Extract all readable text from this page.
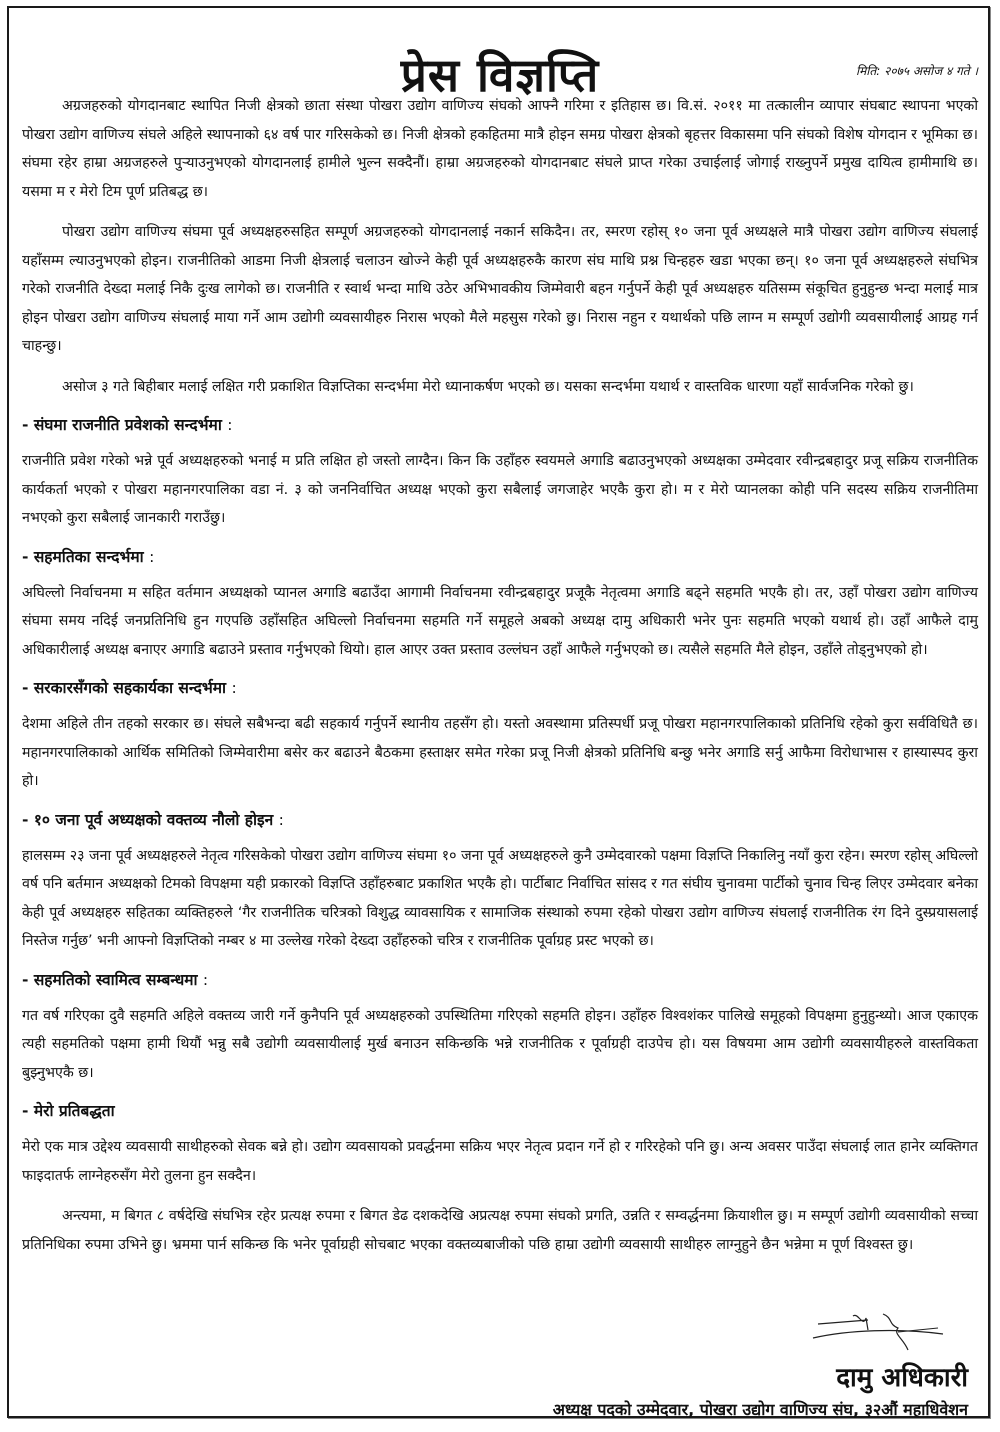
प्रेस विज्ञप्ति	मिति: २०७५ असोज ४ गते ।

अग्रजहरुको योगदानबाट स्थापित निजी क्षेत्रको छाता संस्था पोखरा उद्योग वाणिज्य संघको आफ्नै गरिमा र इतिहास छ। वि.सं. २०११ मा तत्कालीन व्यापार संघबाट स्थापना भएको पोखरा उद्योग वाणिज्य संघले अहिले स्थापनाको ६४ वर्ष पार गरिसकेको छ। निजी क्षेत्रको हकहितमा मात्रै होइन समग्र पोखरा क्षेत्रको बृहत्तर विकासमा पनि संघको विशेष योगदान र भूमिका छ। संघमा रहेर हाम्रा अग्रजहरुले पुर्‍याउनुभएको योगदानलाई हामीले भुल्न सक्दैनौं। हाम्रा अग्रजहरुको योगदानबाट संघले प्राप्त गरेका उचाईलाई जोगाई राख्नुपर्ने प्रमुख दायित्व हामीमाथि छ। यसमा म र मेरो टिम पूर्ण प्रतिबद्ध छ।

पोखरा उद्योग वाणिज्य संघमा पूर्व अध्यक्षहरुसहित सम्पूर्ण अग्रजहरुको योगदानलाई नकार्न सकिदैन। तर, स्मरण रहोस् १० जना पूर्व अध्यक्षले मात्रै पोखरा उद्योग वाणिज्य संघलाई यहाँसम्म ल्याउनुभएको होइन। राजनीतिको आडमा निजी क्षेत्रलाई चलाउन खोज्ने केही पूर्व अध्यक्षहरुकै कारण संघ माथि प्रश्न चिन्हहरु खडा भएका छन्। १० जना पूर्व अध्यक्षहरुले संघभित्र गरेको राजनीति देख्दा मलाई निकै दुःख लागेको छ। राजनीति र स्वार्थ भन्दा माथि उठेर अभिभावकीय जिम्मेवारी बहन गर्नुपर्ने केही पूर्व अध्यक्षहरु यतिसम्म संकूचित हुनुहुन्छ भन्दा मलाई मात्र होइन पोखरा उद्योग वाणिज्य संघलाई माया गर्ने आम उद्योगी व्यवसायीहरु निरास भएको मैले महसुस गरेको छु। निरास नहुन र यथार्थको पछि लाग्न म सम्पूर्ण उद्योगी व्यवसायीलाई आग्रह गर्न चाहन्छु।

असोज ३ गते बिहीबार मलाई लक्षित गरी प्रकाशित विज्ञप्तिका सन्दर्भमा मेरो ध्यानाकर्षण भएको छ। यसका सन्दर्भमा यथार्थ र वास्तविक धारणा यहाँ सार्वजनिक गरेको छु।

- संघमा राजनीति प्रवेशको सन्दर्भमा :

राजनीति प्रवेश गरेको भन्ने पूर्व अध्यक्षहरुको भनाई म प्रति लक्षित हो जस्तो लाग्दैन। किन कि उहाँहरु स्वयमले अगाडि बढाउनुभएको अध्यक्षका उम्मेदवार रवीन्द्रबहादुर प्रजू सक्रिय राजनीतिक कार्यकर्ता भएको र पोखरा महानगरपालिका वडा नं. ३ को जननिर्वाचित अध्यक्ष भएको कुरा सबैलाई जगजाहेर भएकै कुरा हो। म र मेरो प्यानलका कोही पनि सदस्य सक्रिय राजनीतिमा नभएको कुरा सबैलाई जानकारी गराउँछु।

- सहमतिका सन्दर्भमा :

अघिल्लो निर्वाचनमा म सहित वर्तमान अध्यक्षको प्यानल अगाडि बढाउँदा आगामी निर्वाचनमा रवीन्द्रबहादुर प्रजूकै नेतृत्वमा अगाडि बढ्ने सहमति भएकै हो। तर, उहाँ पोखरा उद्योग वाणिज्य संघमा समय नदिई जनप्रतिनिधि हुन गएपछि उहाँसहित अघिल्लो निर्वाचनमा सहमति गर्ने समूहले अबको अध्यक्ष दामु अधिकारी भनेर पुनः सहमति भएको यथार्थ हो। उहाँ आफैले दामु अधिकारीलाई अध्यक्ष बनाएर अगाडि बढाउने प्रस्ताव गर्नुभएको थियो। हाल आएर उक्त प्रस्ताव उल्लंघन उहाँ आफैले गर्नुभएको छ। त्यसैले सहमति मैले होइन, उहाँले तोड्नुभएको हो।

- सरकारसँगको सहकार्यका सन्दर्भमा :

देशमा अहिले तीन तहको सरकार छ। संघले सबैभन्दा बढी सहकार्य गर्नुपर्ने स्थानीय तहसँग हो। यस्तो अवस्थामा प्रतिस्पर्धी प्रजू पोखरा महानगरपालिकाको प्रतिनिधि रहेको कुरा सर्वविधितै छ। महानगरपालिकाको आर्थिक समितिको जिम्मेवारीमा बसेर कर बढाउने बैठकमा हस्ताक्षर समेत गरेका प्रजू निजी क्षेत्रको प्रतिनिधि बन्छु भनेर अगाडि सर्नु आफैमा विरोधाभास र हास्यास्पद कुरा हो।

- १० जना पूर्व अध्यक्षको वक्तव्य नौलो होइन :

हालसम्म २३ जना पूर्व अध्यक्षहरुले नेतृत्व गरिसकेको पोखरा उद्योग वाणिज्य संघमा १० जना पूर्व अध्यक्षहरुले कुनै उम्मेदवारको पक्षमा विज्ञप्ति निकालिनु नयाँ कुरा रहेन। स्मरण रहोस् अघिल्लो वर्ष पनि बर्तमान अध्यक्षको टिमको विपक्षमा यही प्रकारको विज्ञप्ति उहाँहरुबाट प्रकाशित भएकै हो। पार्टीबाट निर्वाचित सांसद र गत संघीय चुनावमा पार्टीको चुनाव चिन्ह लिएर उम्मेदवार बनेका केही पूर्व अध्यक्षहरु सहितका व्यक्तिहरुले ‘गैर राजनीतिक चरित्रको विशुद्ध व्यावसायिक र सामाजिक संस्थाको रुपमा रहेको पोखरा उद्योग वाणिज्य संघलाई राजनीतिक रंग दिने दुस्प्रयासलाई निस्तेज गर्नुछ’ भनी आफ्नो विज्ञप्तिको नम्बर ४ मा उल्लेख गरेको देख्दा उहाँहरुको चरित्र र राजनीतिक पूर्वाग्रह प्रस्ट भएको छ।

- सहमतिको स्वामित्व सम्बन्धमा :

गत वर्ष गरिएका दुवै सहमति अहिले वक्तव्य जारी गर्ने कुनैपनि पूर्व अध्यक्षहरुको उपस्थितिमा गरिएको सहमति होइन। उहाँहरु विश्वशंकर पालिखे समूहको विपक्षमा हुनुहुन्थ्यो। आज एकाएक त्यही सहमतिको पक्षमा हामी थियौं भन्नु सबै उद्योगी व्यवसायीलाई मुर्ख बनाउन सकिन्छकि भन्ने राजनीतिक र पूर्वाग्रही दाउपेच हो। यस विषयमा आम उद्योगी व्यवसायीहरुले वास्तविकता बुझ्नुभएकै छ।

- मेरो प्रतिबद्धता

मेरो एक मात्र उद्देश्य व्यवसायी साथीहरुको सेवक बन्ने हो। उद्योग व्यवसायको प्रवर्द्धनमा सक्रिय भएर नेतृत्व प्रदान गर्ने हो र गरिरहेको पनि छु। अन्य अवसर पाउँदा संघलाई लात हानेर व्यक्तिगत फाइदातर्फ लाग्नेहरुसँग मेरो तुलना हुन सक्दैन।

अन्त्यमा, म बिगत ८ वर्षदेखि संघभित्र रहेर प्रत्यक्ष रुपमा र बिगत डेढ दशकदेखि अप्रत्यक्ष रुपमा संघको प्रगति, उन्नति र सम्वर्द्धनमा क्रियाशील छु। म सम्पूर्ण उद्योगी व्यवसायीको सच्चा प्रतिनिधिका रुपमा उभिने छु। भ्रममा पार्न सकिन्छ कि भनेर पूर्वाग्रही सोचबाट भएका वक्तव्यबाजीको पछि हाम्रा उद्योगी व्यवसायी साथीहरु लाग्नुहुने छैन भन्नेमा म पूर्ण विश्वस्त छु।

दामु अधिकारी
अध्यक्ष पदको उम्मेदवार, पोखरा उद्योग वाणिज्य संघ, ३२औं महाधिवेशन
